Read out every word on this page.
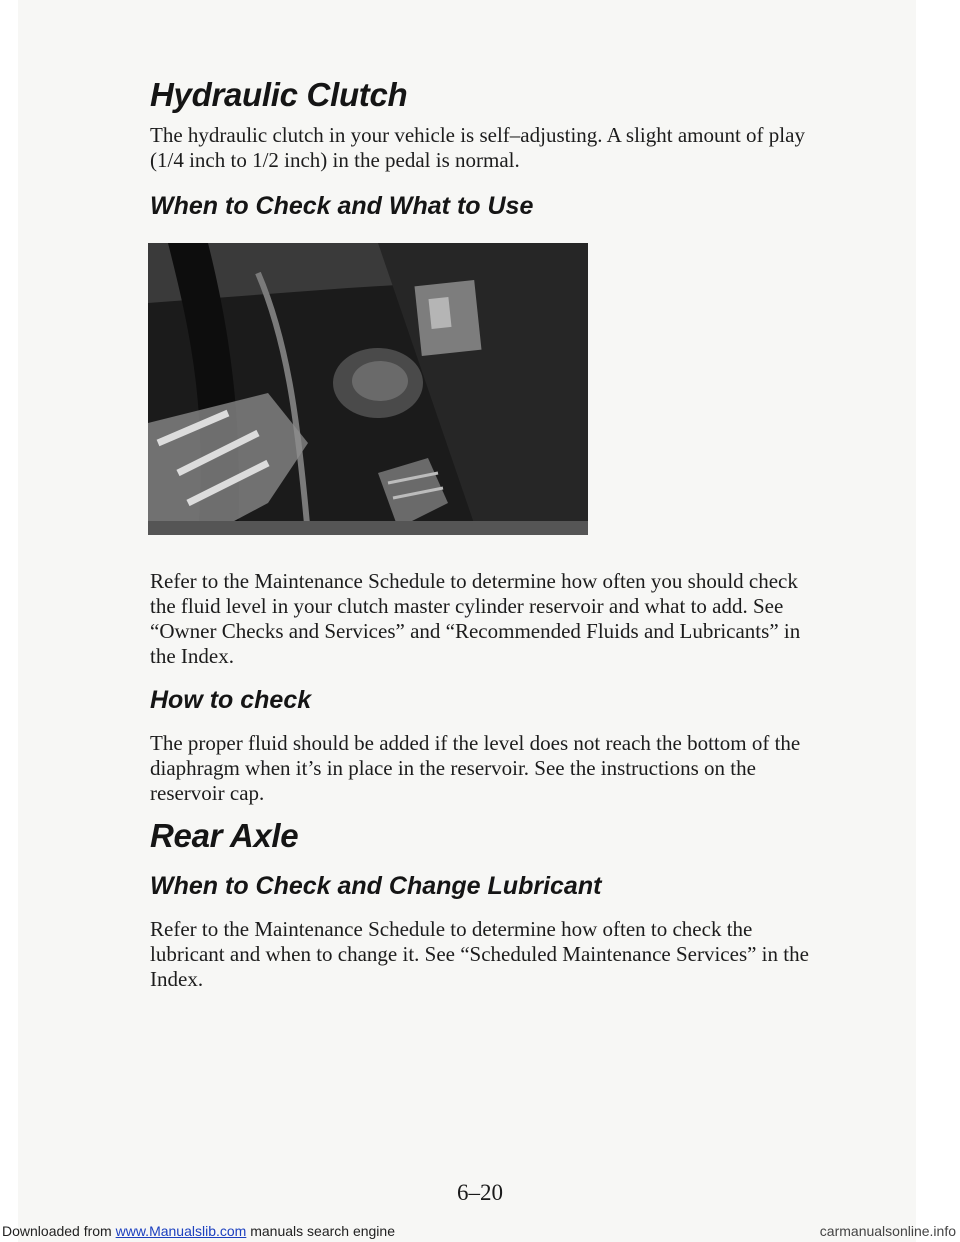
Hydraulic Clutch

The hydraulic clutch in your vehicle is self–adjusting. A slight amount of play (1/4 inch to 1/2 inch) in the pedal is normal.

When to Check and What to Use

Refer to the Maintenance Schedule to determine how often you should check the fluid level in your clutch master cylinder reservoir and what to add. See “Owner Checks and Services” and “Recommended Fluids and Lubricants” in the Index.

How to check

The proper fluid should be added if the level does not reach the bottom of the diaphragm when it’s in place in the reservoir. See the instructions on the reservoir cap.

Rear Axle
When to Check and Change Lubricant

Refer to the Maintenance Schedule to determine how often to check the lubricant and when to change it. See “Scheduled Maintenance Services” in the Index.

6–20
Downloaded from www.Manualslib.com manuals search engine	carmanualsonline.info
